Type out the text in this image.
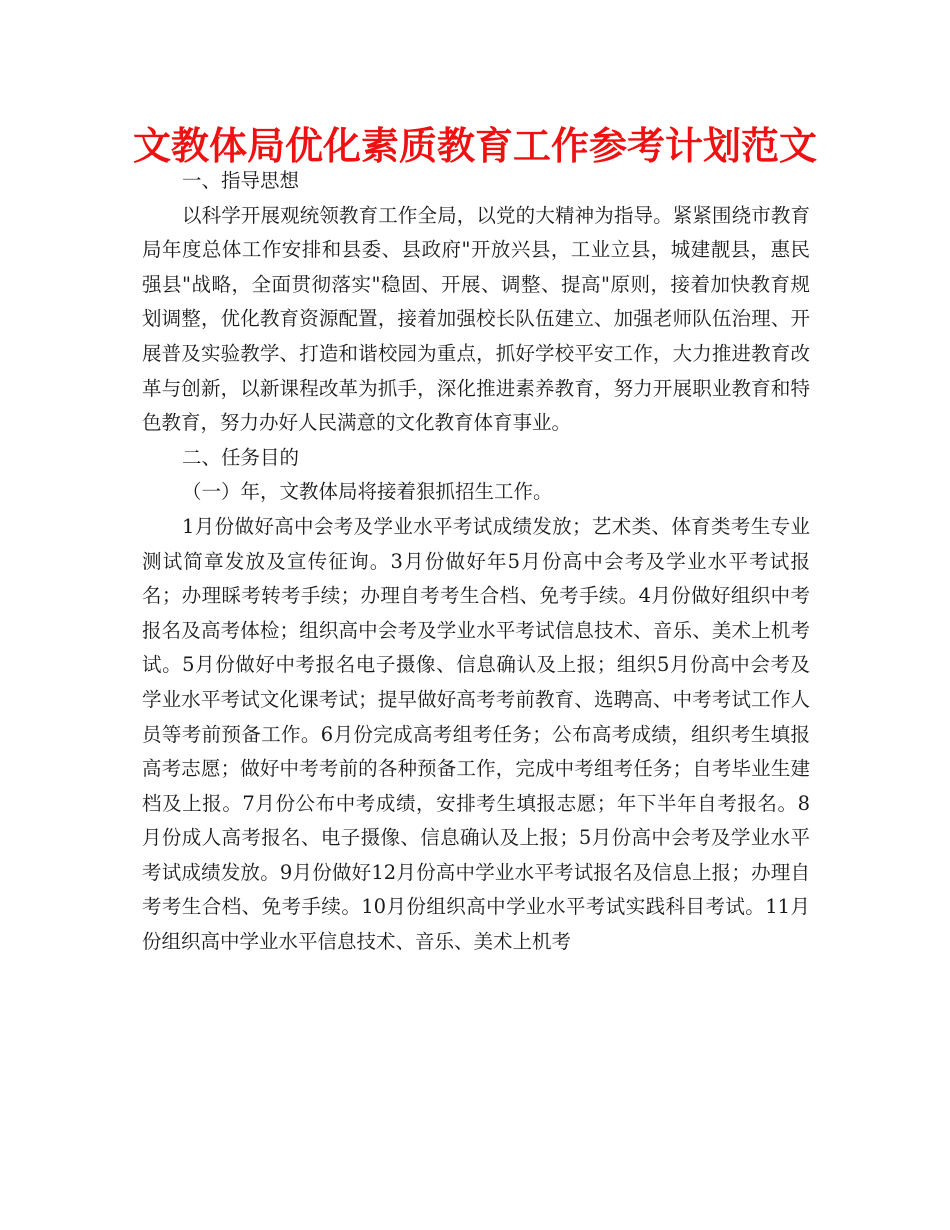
文教体局优化素质教育工作参考计划范文

一、指导思想

以科学开展观统领教育工作全局，以党的大精神为指导。紧紧围绕市教育局年度总体工作安排和县委、县政府"开放兴县，工业立县，城建靓县，惠民强县"战略，全面贯彻落实"稳固、开展、调整、提高"原则，接着加快教育规划调整，优化教育资源配置，接着加强校长队伍建立、加强老师队伍治理、开展普及实验教学、打造和谐校园为重点，抓好学校平安工作，大力推进教育改革与创新，以新课程改革为抓手，深化推进素养教育，努力开展职业教育和特色教育，努力办好人民满意的文化教育体育事业。

二、任务目的

（一）年，文教体局将接着狠抓招生工作。

1月份做好高中会考及学业水平考试成绩发放；艺术类、体育类考生专业测试简章发放及宣传征询。3月份做好年5月份高中会考及学业水平考试报名；办理睬考转考手续；办理自考考生合档、免考手续。4月份做好组织中考报名及高考体检；组织高中会考及学业水平考试信息技术、音乐、美术上机考试。5月份做好中考报名电子摄像、信息确认及上报；组织5月份高中会考及学业水平考试文化课考试；提早做好高考考前教育、选聘高、中考考试工作人员等考前预备工作。6月份完成高考组考任务；公布高考成绩，组织考生填报高考志愿；做好中考考前的各种预备工作，完成中考组考任务；自考毕业生建档及上报。7月份公布中考成绩，安排考生填报志愿；年下半年自考报名。8月份成人高考报名、电子摄像、信息确认及上报；5月份高中会考及学业水平考试成绩发放。9月份做好12月份高中学业水平考试报名及信息上报；办理自考考生合档、免考手续。10月份组织高中学业水平考试实践科目考试。11月份组织高中学业水平信息技术、音乐、美术上机考
